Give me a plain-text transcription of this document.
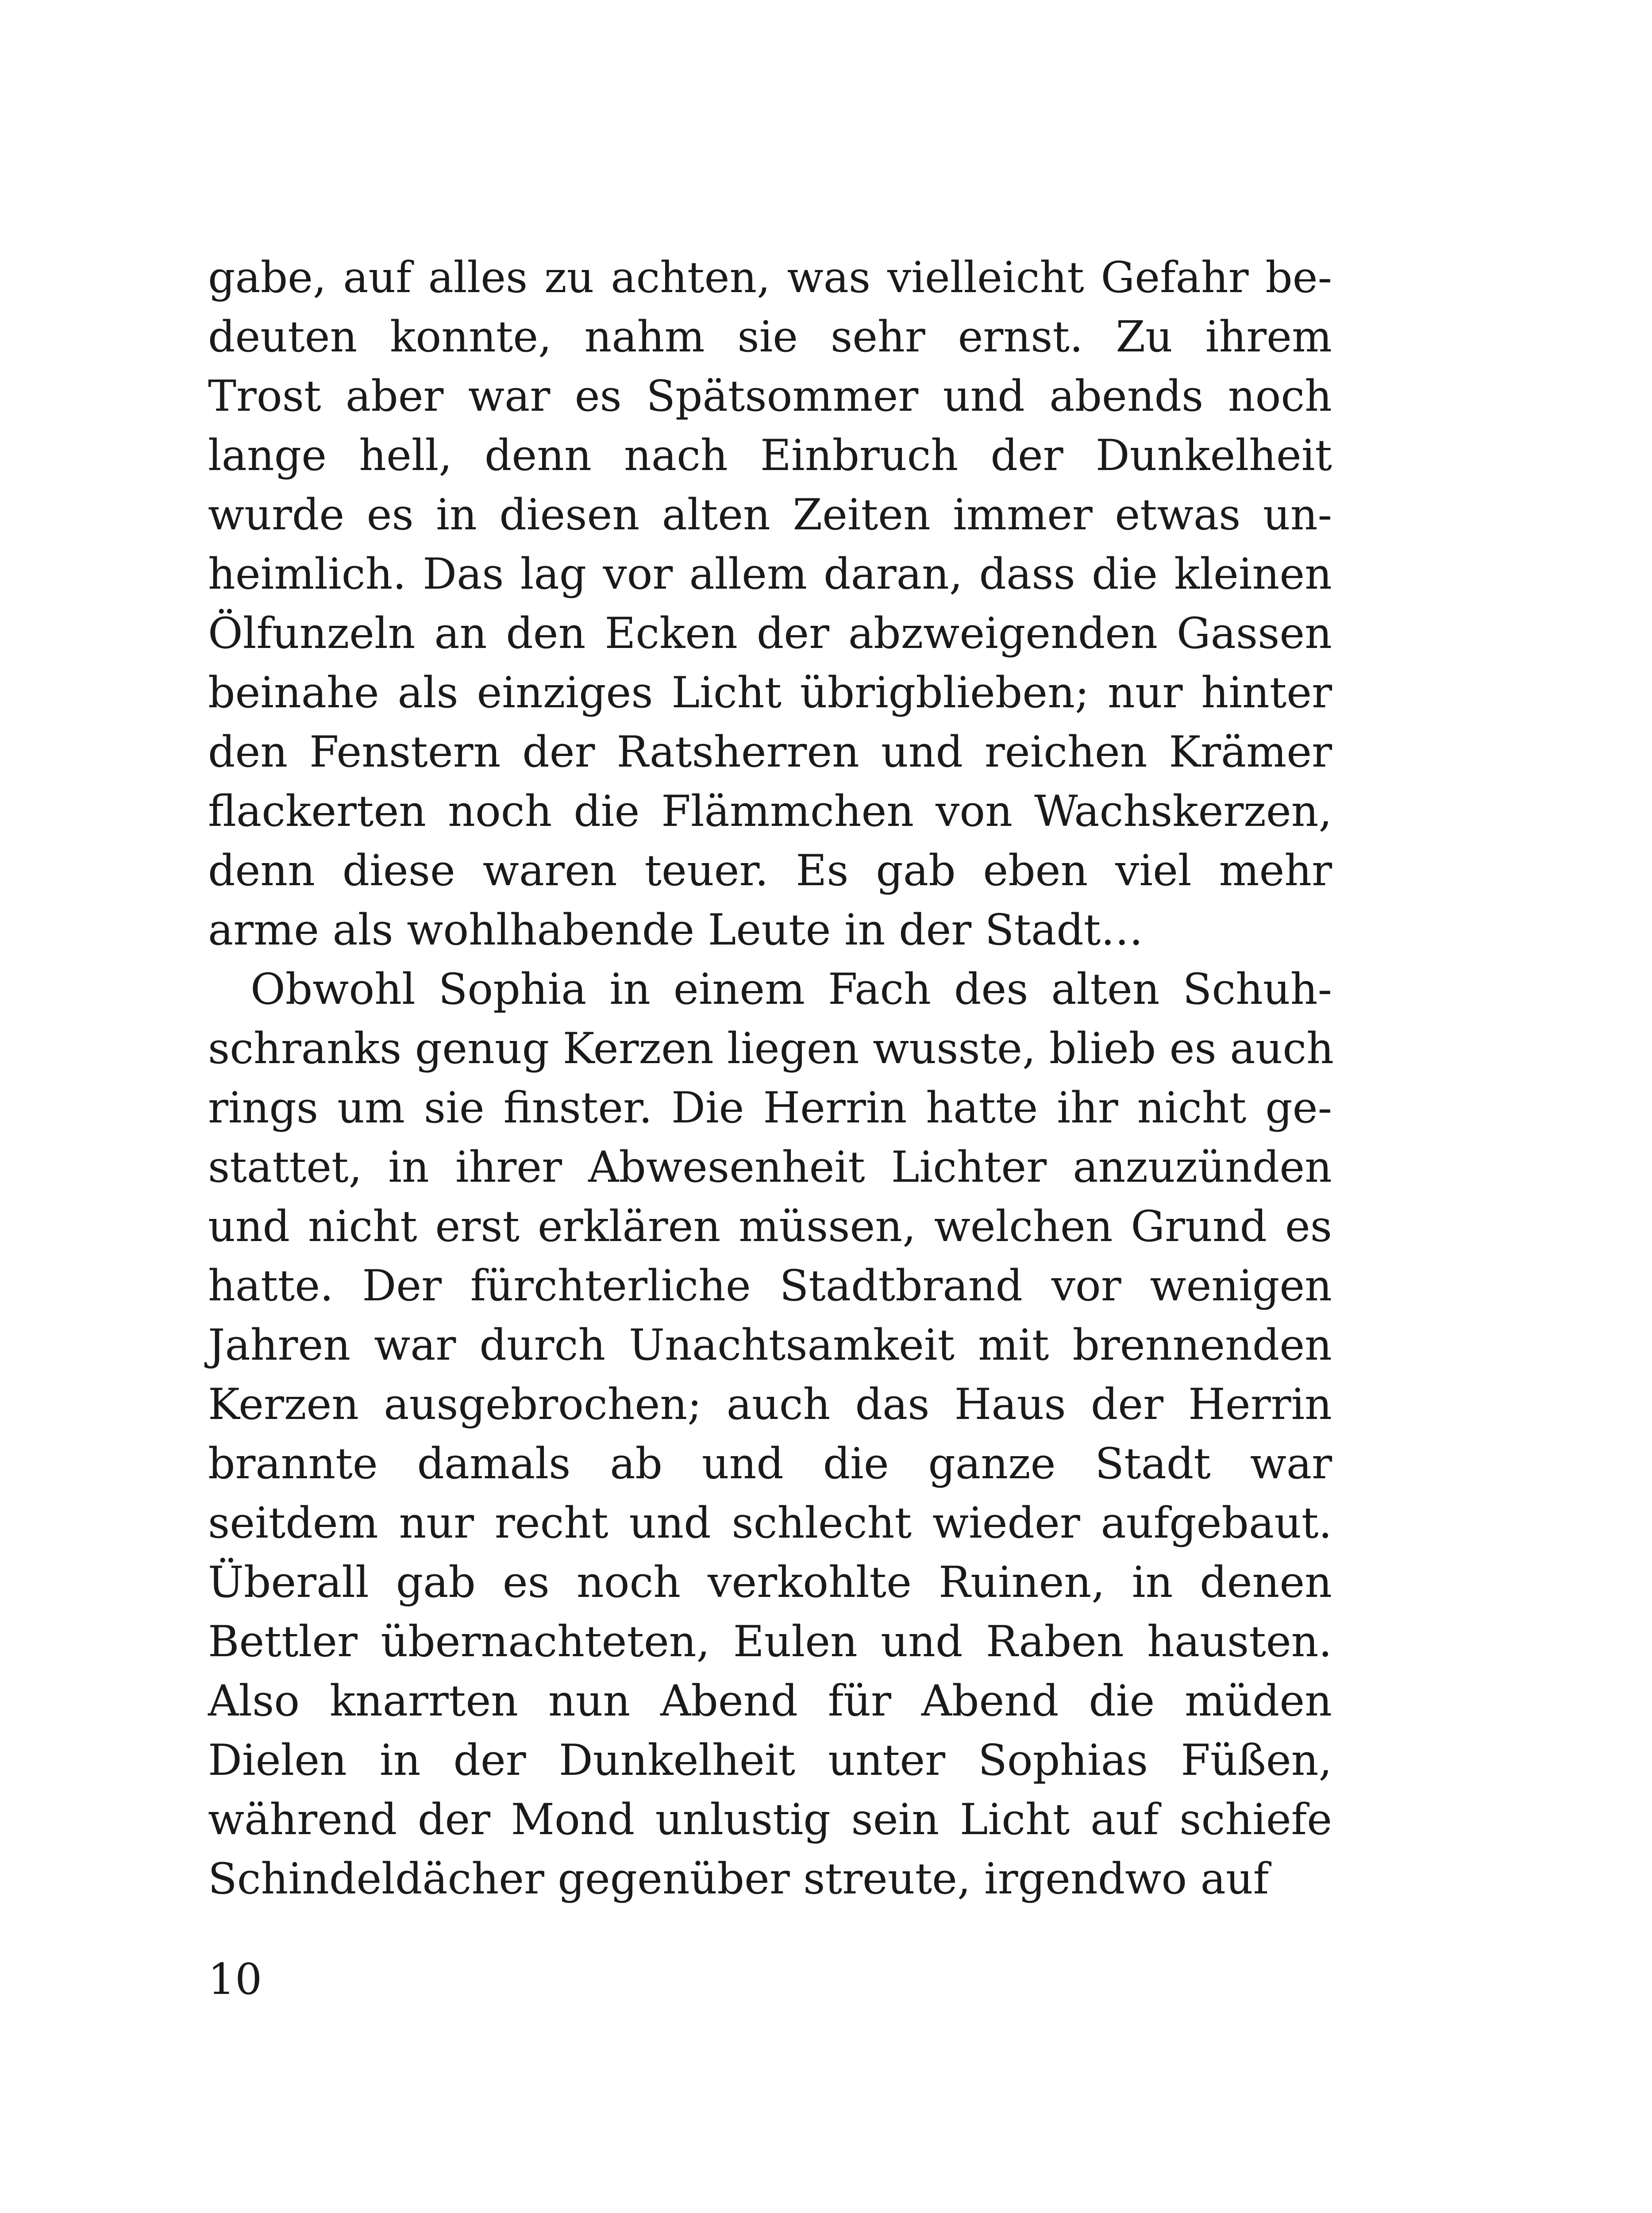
gabe, auf alles zu achten, was vielleicht Gefahr be-
deuten konnte, nahm sie sehr ernst. Zu ihrem
Trost aber war es Spätsommer und abends noch
lange hell, denn nach Einbruch der Dunkelheit
wurde es in diesen alten Zeiten immer etwas un-
heimlich. Das lag vor allem daran, dass die kleinen
Ölfunzeln an den Ecken der abzweigenden Gassen
beinahe als einziges Licht übrigblieben; nur hinter
den Fenstern der Ratsherren und reichen Krämer
flackerten noch die Flämmchen von Wachskerzen,
denn diese waren teuer. Es gab eben viel mehr
arme als wohlhabende Leute in der Stadt…
Obwohl Sophia in einem Fach des alten Schuh-
schranks genug Kerzen liegen wusste, blieb es auch
rings um sie finster. Die Herrin hatte ihr nicht ge-
stattet, in ihrer Abwesenheit Lichter anzuzünden
und nicht erst erklären müssen, welchen Grund es
hatte. Der fürchterliche Stadtbrand vor wenigen
Jahren war durch Unachtsamkeit mit brennenden
Kerzen ausgebrochen; auch das Haus der Herrin
brannte damals ab und die ganze Stadt war
seitdem nur recht und schlecht wieder aufgebaut.
Überall gab es noch verkohlte Ruinen, in denen
Bettler übernachteten, Eulen und Raben hausten.
Also knarrten nun Abend für Abend die müden
Dielen in der Dunkelheit unter Sophias Füßen,
während der Mond unlustig sein Licht auf schiefe
Schindeldächer gegenüber streute, irgendwo auf
10
